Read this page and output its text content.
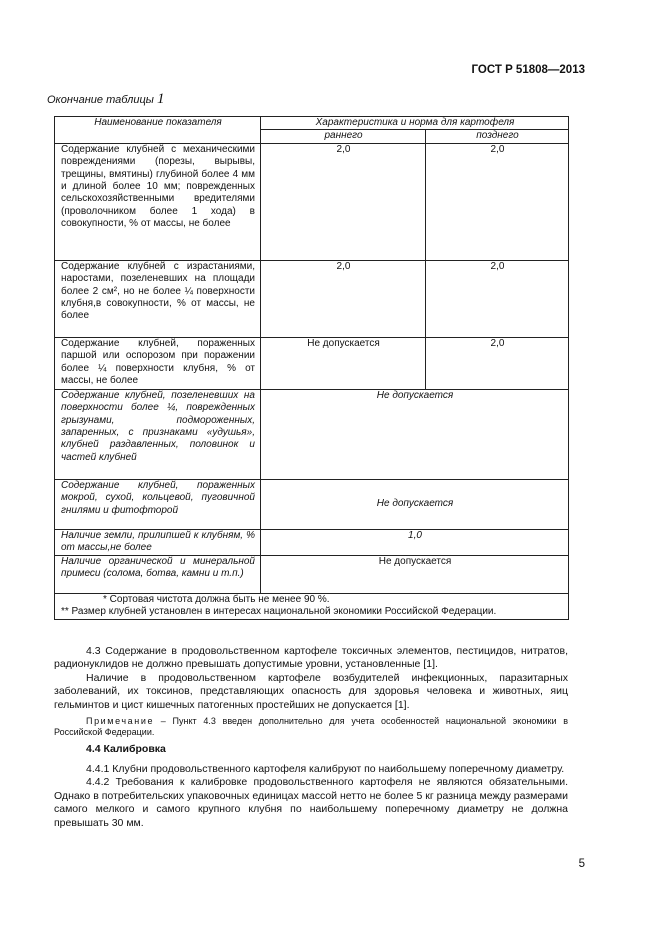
ГОСТ Р 51808—2013
Окончание таблицы 1
Наименование показателя	Характеристика и норма для картофеля	
	раннего	позднего
Содержание клубней с механическими повреждениями (порезы, вырывы, трещины, вмятины) глубиной более 4 мм и длиной более 10 мм; поврежденных сельскохозяйственными вредителями (проволочником более 1 хода) в совокупности, % от массы, не более	2,0	2,0
Содержание клубней с израстаниями, наростами, позеленевших на площади более 2 см², но не более ¼ поверхности клубня,в совокупности, % от массы, не более	2,0	2,0
Содержание клубней, пораженных паршой или оспорозом при поражении более ¼ поверхности клубня, % от массы, не более	Не допускается	2,0
Содержание клубней, позеленевших на поверхности более ¼, поврежденных грызунами, подмороженных, запаренных, с признаками «удушья», клубней раздавленных, половинок и частей клубней	Не допускается	
Содержание клубней, пораженных мокрой, сухой, кольцевой, пуговичной гнилями и фитофторой	Не допускается	
Наличие земли, прилипшей к клубням, % от массы,не более	1,0	
Наличие органической и минеральной примеси (солома, ботва, камни и т.п.)	Не допускается	

* Сортовая чистота должна быть не менее 90 %.
** Размер клубней установлен в интересах национальной экономики Российской Федерации.		

4.3 Содержание в продовольственном картофеле токсичных элементов, пестицидов, нитратов, радионуклидов не должно превышать допустимые уровни, установленные [1].

Наличие в продовольственном картофеле возбудителей инфекционных, паразитарных заболеваний, их токсинов, представляющих опасность для здоровья человека и животных, яиц гельминтов и цист кишечных патогенных простейших не допускается [1].

Примечание – Пункт 4.3 введен дополнительно для учета особенностей национальной экономики в Российской Федерации.
4.4 Калибровка

4.4.1 Клубни продовольственного картофеля калибруют по наибольшему поперечному диаметру.

4.4.2 Требования к калибровке продовольственного картофеля не являются обязательными. Однако в потребительских упаковочных единицах массой нетто не более 5 кг разница между размерами самого мелкого и самого крупного клубня по наибольшему поперечному диаметру не должна превышать 30 мм.

5
